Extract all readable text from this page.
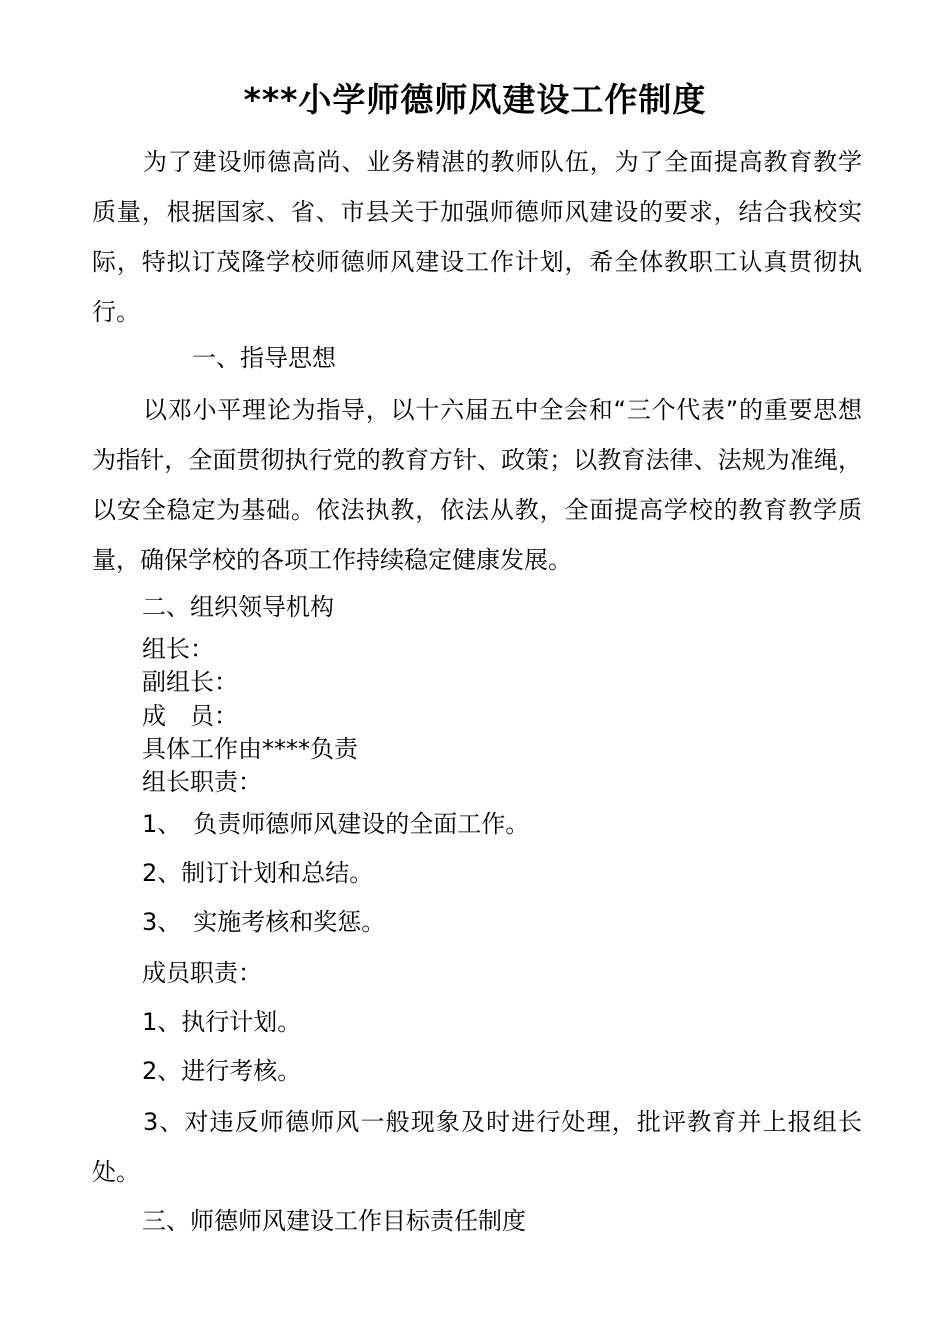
***小学师德师风建设工作制度

为了建设师德高尚、业务精湛的教师队伍，为了全面提高教育教学质量，根据国家、省、市县关于加强师德师风建设的要求，结合我校实际，特拟订茂隆学校师德师风建设工作计划，希全体教职工认真贯彻执行。

一、指导思想

以邓小平理论为指导，以十六届五中全会和“三个代表”的重要思想为指针，全面贯彻执行党的教育方针、政策；以教育法律、法规为准绳，以安全稳定为基础。依法执教，依法从教，全面提高学校的教育教学质量，确保学校的各项工作持续稳定健康发展。

二、组织领导机构

组长：

副组长：

成　员：

具体工作由****负责

组长职责：

1、　负责师德师风建设的全面工作。

2、制订计划和总结。

3、　实施考核和奖惩。

成员职责：

1、执行计划。

2、进行考核。

3、对违反师德师风一般现象及时进行处理，批评教育并上报组长处。

三、师德师风建设工作目标责任制度
